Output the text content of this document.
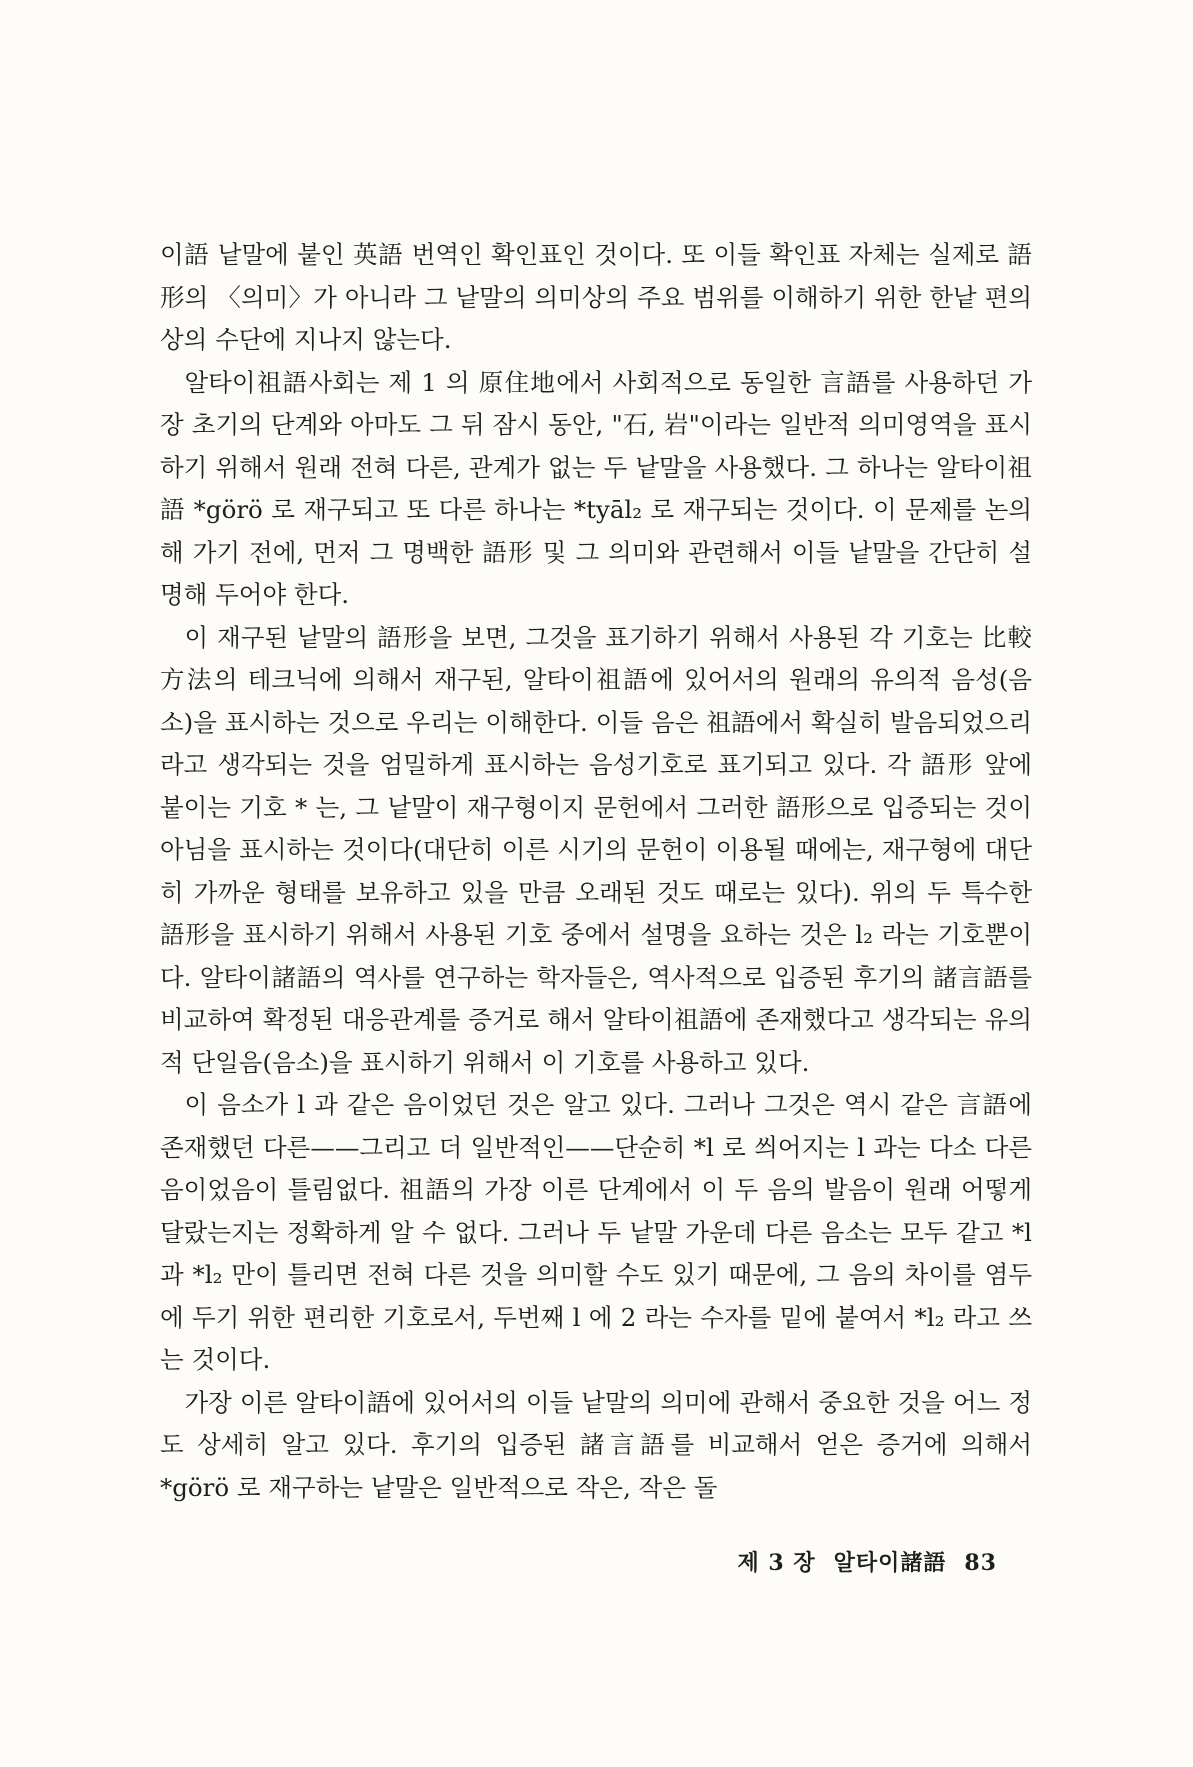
이語 낱말에 붙인 英語 번역인 확인표인 것이다. 또 이들 확인표 자체는 실제로 語形의 〈의미〉가 아니라 그 낱말의 의미상의 주요 범위를 이해하기 위한 한낱 편의상의 수단에 지나지 않는다.

알타이祖語사회는 제 1 의 原住地에서 사회적으로 동일한 言語를 사용하던 가장 초기의 단계와 아마도 그 뒤 잠시 동안, "石, 岩"이라는 일반적 의미영역을 표시하기 위해서 원래 전혀 다른, 관계가 없는 두 낱말을 사용했다. 그 하나는 알타이祖語 *görö 로 재구되고 또 다른 하나는 *tyāl₂ 로 재구되는 것이다. 이 문제를 논의해 가기 전에, 먼저 그 명백한 語形 및 그 의미와 관련해서 이들 낱말을 간단히 설명해 두어야 한다.

이 재구된 낱말의 語形을 보면, 그것을 표기하기 위해서 사용된 각 기호는 比較方法의 테크닉에 의해서 재구된, 알타이祖語에 있어서의 원래의 유의적 음성(음소)을 표시하는 것으로 우리는 이해한다. 이들 음은 祖語에서 확실히 발음되었으리라고 생각되는 것을 엄밀하게 표시하는 음성기호로 표기되고 있다. 각 語形 앞에 붙이는 기호 * 는, 그 낱말이 재구형이지 문헌에서 그러한 語形으로 입증되는 것이 아님을 표시하는 것이다(대단히 이른 시기의 문헌이 이용될 때에는, 재구형에 대단히 가까운 형태를 보유하고 있을 만큼 오래된 것도 때로는 있다). 위의 두 특수한 語形을 표시하기 위해서 사용된 기호 중에서 설명을 요하는 것은 l₂ 라는 기호뿐이다. 알타이諸語의 역사를 연구하는 학자들은, 역사적으로 입증된 후기의 諸言語를 비교하여 확정된 대응관계를 증거로 해서 알타이祖語에 존재했다고 생각되는 유의적 단일음(음소)을 표시하기 위해서 이 기호를 사용하고 있다.

이 음소가 l 과 같은 음이었던 것은 알고 있다. 그러나 그것은 역시 같은 言語에 존재했던 다른——그리고 더 일반적인——단순히 *l 로 씌어지는 l 과는 다소 다른 음이었음이 틀림없다. 祖語의 가장 이른 단계에서 이 두 음의 발음이 원래 어떻게 달랐는지는 정확하게 알 수 없다. 그러나 두 낱말 가운데 다른 음소는 모두 같고 *l 과 *l₂ 만이 틀리면 전혀 다른 것을 의미할 수도 있기 때문에, 그 음의 차이를 염두에 두기 위한 편리한 기호로서, 두번째 l 에 2 라는 수자를 밑에 붙여서 *l₂ 라고 쓰는 것이다.

가장 이른 알타이語에 있어서의 이들 낱말의 의미에 관해서 중요한 것을 어느 정도 상세히 알고 있다. 후기의 입증된 諸言語를 비교해서 얻은 증거에 의해서 *görö 로 재구하는 낱말은 일반적으로 작은, 작은 돌

제 3 장 알타이諸語 83
